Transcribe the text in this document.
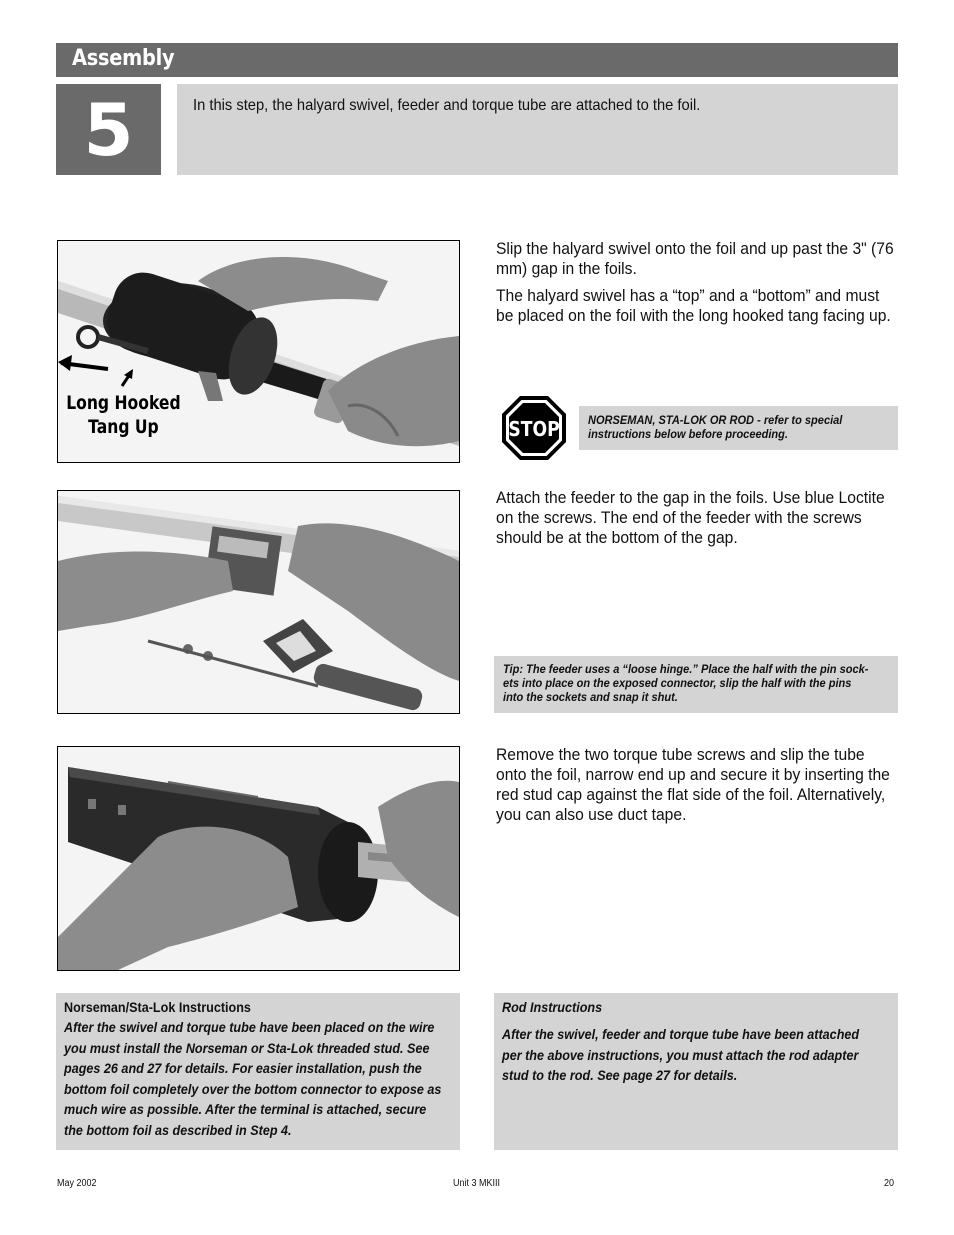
Assembly
5	In this step, the halyard swivel, feeder and torque tube are attached to the foil.
Long Hooked
Tang Up

Slip the halyard swivel onto the foil and up past the 3" (76 mm) gap in the foils.

The halyard swivel has a “top” and a “bottom” and must be placed on the foil with the long hooked tang facing up.

STOP NORSEMAN, STA-LOK OR ROD - refer to special
instructions below before proceeding.

Attach the feeder to the gap in the foils. Use blue Loctite on the screws. The end of the feeder with the screws should be at the bottom of the gap.

Tip: The feeder uses a “loose hinge.” Place the half with the pin sock-
ets into place on the exposed connector, slip the half with the pins
into the sockets and snap it shut.

Remove the two torque tube screws and slip the tube onto the foil, narrow end up and secure it by inserting the red stud cap against the flat side of the foil. Alternatively, you can also use duct tape.

Norseman/Sta-Lok Instructions
After the swivel and torque tube have been placed on the wire
you must install the Norseman or Sta-Lok threaded stud. See
pages 26 and 27 for details. For easier installation, push the
bottom foil completely over the bottom connector to expose as
much wire as possible. After the terminal is attached, secure
the bottom foil as described in Step 4.
Rod Instructions
After the swivel, feeder and torque tube have been attached
per the above instructions, you must attach the rod adapter
stud to the rod. See page 27 for details.
May 2002	Unit 3 MKIII	20
